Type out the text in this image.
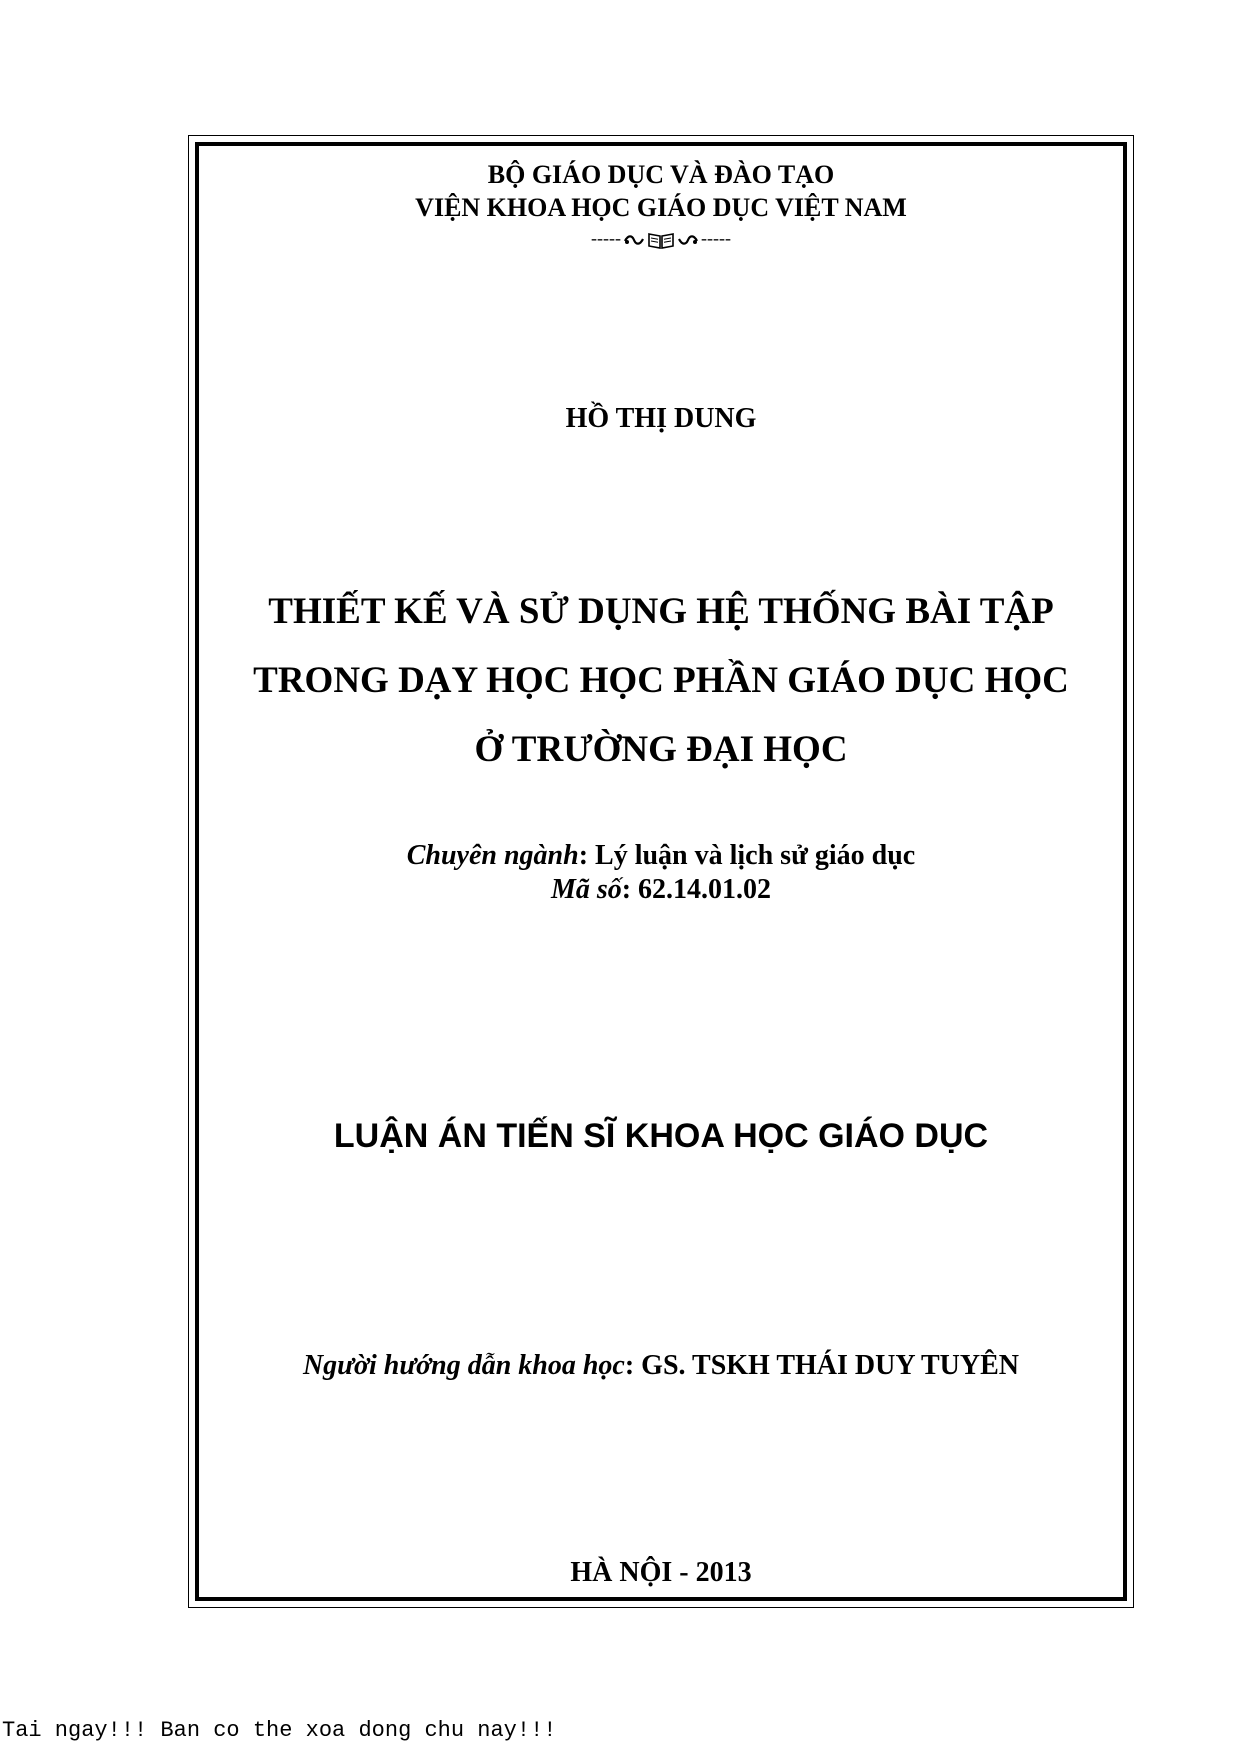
BỘ GIÁO DỤC VÀ ĐÀO TẠO
VIỆN KHOA HỌC GIÁO DỤC VIỆT NAM
-----	-----
HỒ THỊ DUNG
THIẾT KẾ VÀ SỬ DỤNG HỆ THỐNG BÀI TẬP
TRONG DẠY HỌC HỌC PHẦN GIÁO DỤC HỌC
Ở TRƯỜNG ĐẠI HỌC
Chuyên ngành: Lý luận và lịch sử giáo dục
Mã số: 62.14.01.02
LUẬN ÁN TIẾN SĨ KHOA HỌC GIÁO DỤC
Người hướng dẫn khoa học: GS. TSKH THÁI DUY TUYÊN
HÀ NỘI - 2013
Tai ngay!!! Ban co the xoa dong chu nay!!!
